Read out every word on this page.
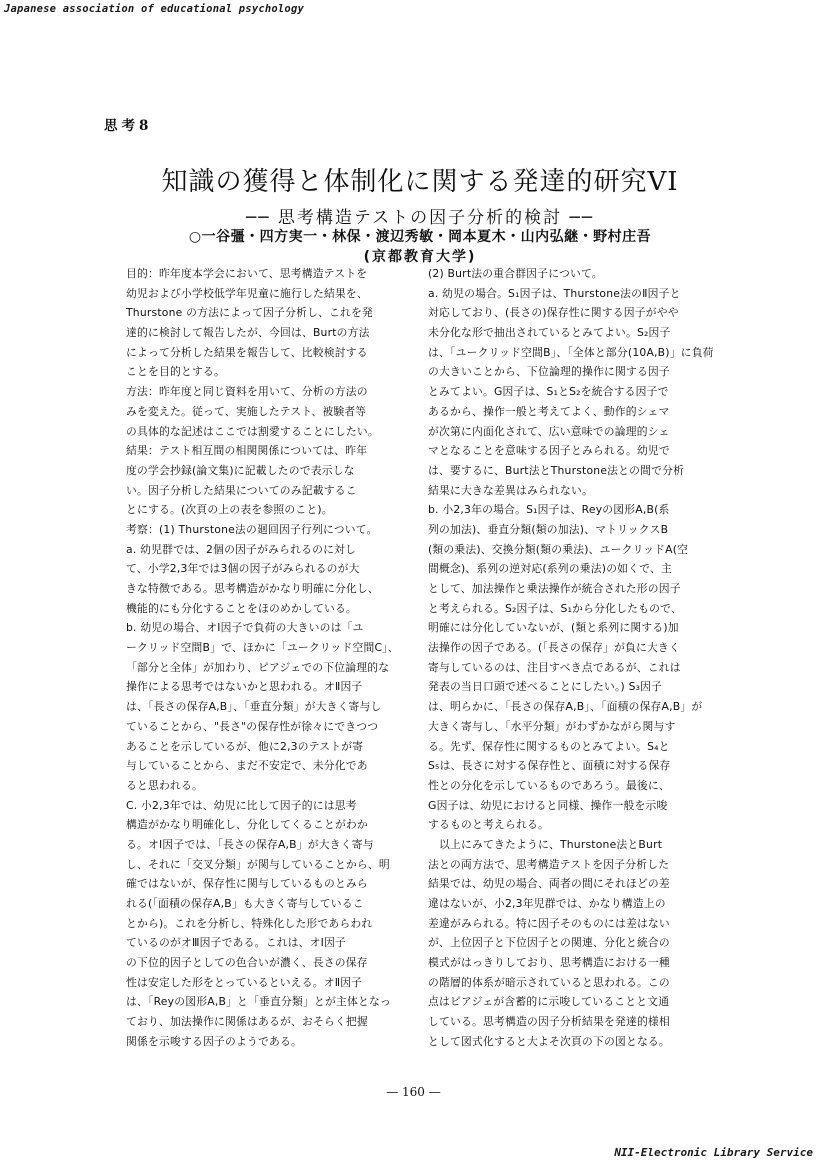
Japanese association of educational psychology
思考8
知識の獲得と体制化に関する発達的研究VI
── 思考構造テストの因子分析的検討 ──
○一谷彊・四方実一・林保・渡辺秀敏・岡本夏木・山内弘継・野村庄吾
(京都教育大学)
目的：昨年度本学会において、思考構造テストを
幼児および小学校低学年児童に施行した結果を、
Thurstone の方法によって因子分析し、これを発
達的に検討して報告したが、今回は、Burtの方法
によって分析した結果を報告して、比較検討する
ことを目的とする。
方法：昨年度と同じ資料を用いて、分析の方法の
みを変えた。従って、実施したテスト、被験者等
の具体的な記述はここでは割愛することにしたい。
結果：テスト相互間の相関関係については、昨年
度の学会抄録(論文集)に記載したので表示しな
い。因子分析した結果についてのみ記載するこ
とにする。(次頁の上の表を参照のこと)。
考察：(1) Thurstone法の廻回因子行列について。
a. 幼児群では、2個の因子がみられるのに対し
て、小学2,3年では3個の因子がみられるのが大
きな特徴である。思考構造がかなり明確に分化し、
機能的にも分化することをほのめかしている。
b. 幼児の場合、オⅠ因子で負荷の大きいのは「ユ
ークリッド空間B」で、ほかに「ユークリッド空間C」、
「部分と全体」が加わり、ピアジェでの下位論理的な
操作による思考ではないかと思われる。オⅡ因子
は、「長さの保存A,B」、「垂直分類」が大きく寄与し
ていることから、"長さ"の保存性が徐々にできつつ
あることを示しているが、他に2,3のテストが寄
与していることから、まだ不安定で、未分化であ
ると思われる。
C. 小2,3年では、幼児に比して因子的には思考
構造がかなり明確化し、分化してくることがわか
る。オⅠ因子では、「長さの保存A,B」が大きく寄与
し、それに「交叉分類」が関与していることから、明
確ではないが、保存性に関与しているものとみら
れる(「面積の保存A,B」も大きく寄与しているこ
とから)。これを分析し、特殊化した形であらわれ
ているのがオⅢ因子である。これは、オⅠ因子
の下位的因子としての色合いが濃く、長さの保存
性は安定した形をとっているといえる。オⅡ因子
は、「Reyの図形A,B」と「垂直分類」とが主体となっ
ており、加法操作に関係はあるが、おそらく把握
関係を示唆する因子のようである。
(2) Burt法の重合群因子について。
a. 幼児の場合。S₁因子は、Thurstone法のⅡ因子と
対応しており、(長さの)保存性に関する因子がやや
未分化な形で抽出されているとみてよい。S₂因子
は、「ユークリッド空間B」、「全体と部分(10A,B)」に負荷
の大きいことから、下位論理的操作に関する因子
とみてよい。G因子は、S₁とS₂を統合する因子で
あるから、操作一般と考えてよく、動作的シェマ
が次第に内面化されて、広い意味での論理的シェ
マとなることを意味する因子とみられる。幼児で
は、要するに、Burt法とThurstone法との間で分析
結果に大きな差異はみられない。
b. 小2,3年の場合。S₁因子は、Reyの図形A,B(系
列の加法)、垂直分類(類の加法)、マトリックスB
(類の乗法)、交換分類(類の乗法)、ユークリッドA(空
間概念)、系列の逆対応(系列の乗法)の如くで、主
として、加法操作と乗法操作が統合された形の因子
と考えられる。S₂因子は、S₁から分化したもので、
明確には分化していないが、(類と系列に関する)加
法操作の因子である。(「長さの保存」が負に大きく
寄与しているのは、注目すべき点であるが、これは
発表の当日口頭で述べることにしたい。) S₃因子
は、明らかに、「長さの保存A,B」、「面積の保存A,B」が
大きく寄与し、「水平分類」がわずかながら関与す
る。先ず、保存性に関するものとみてよい。S₄と
S₅は、長さに対する保存性と、面積に対する保存
性との分化を示しているものであろう。最後に、
G因子は、幼児におけると同様、操作一般を示唆
するものと考えられる。
　以上にみてきたように、Thurstone法とBurt
法との両方法で、思考構造テストを因子分析した
結果では、幼児の場合、両者の間にそれほどの差
違はないが、小2,3年児群では、かなり構造上の
差違がみられる。特に因子そのものには差はない
が、上位因子と下位因子との関連、分化と統合の
模式がはっきりしており、思考構造における一種
の階層的体系が暗示されていると思われる。この
点はピアジェが含蓄的に示唆していることと文通
している。思考構造の因子分析結果を発達的様相
として図式化すると大よそ次頁の下の図となる。
— 160 —
NII-Electronic Library Service
